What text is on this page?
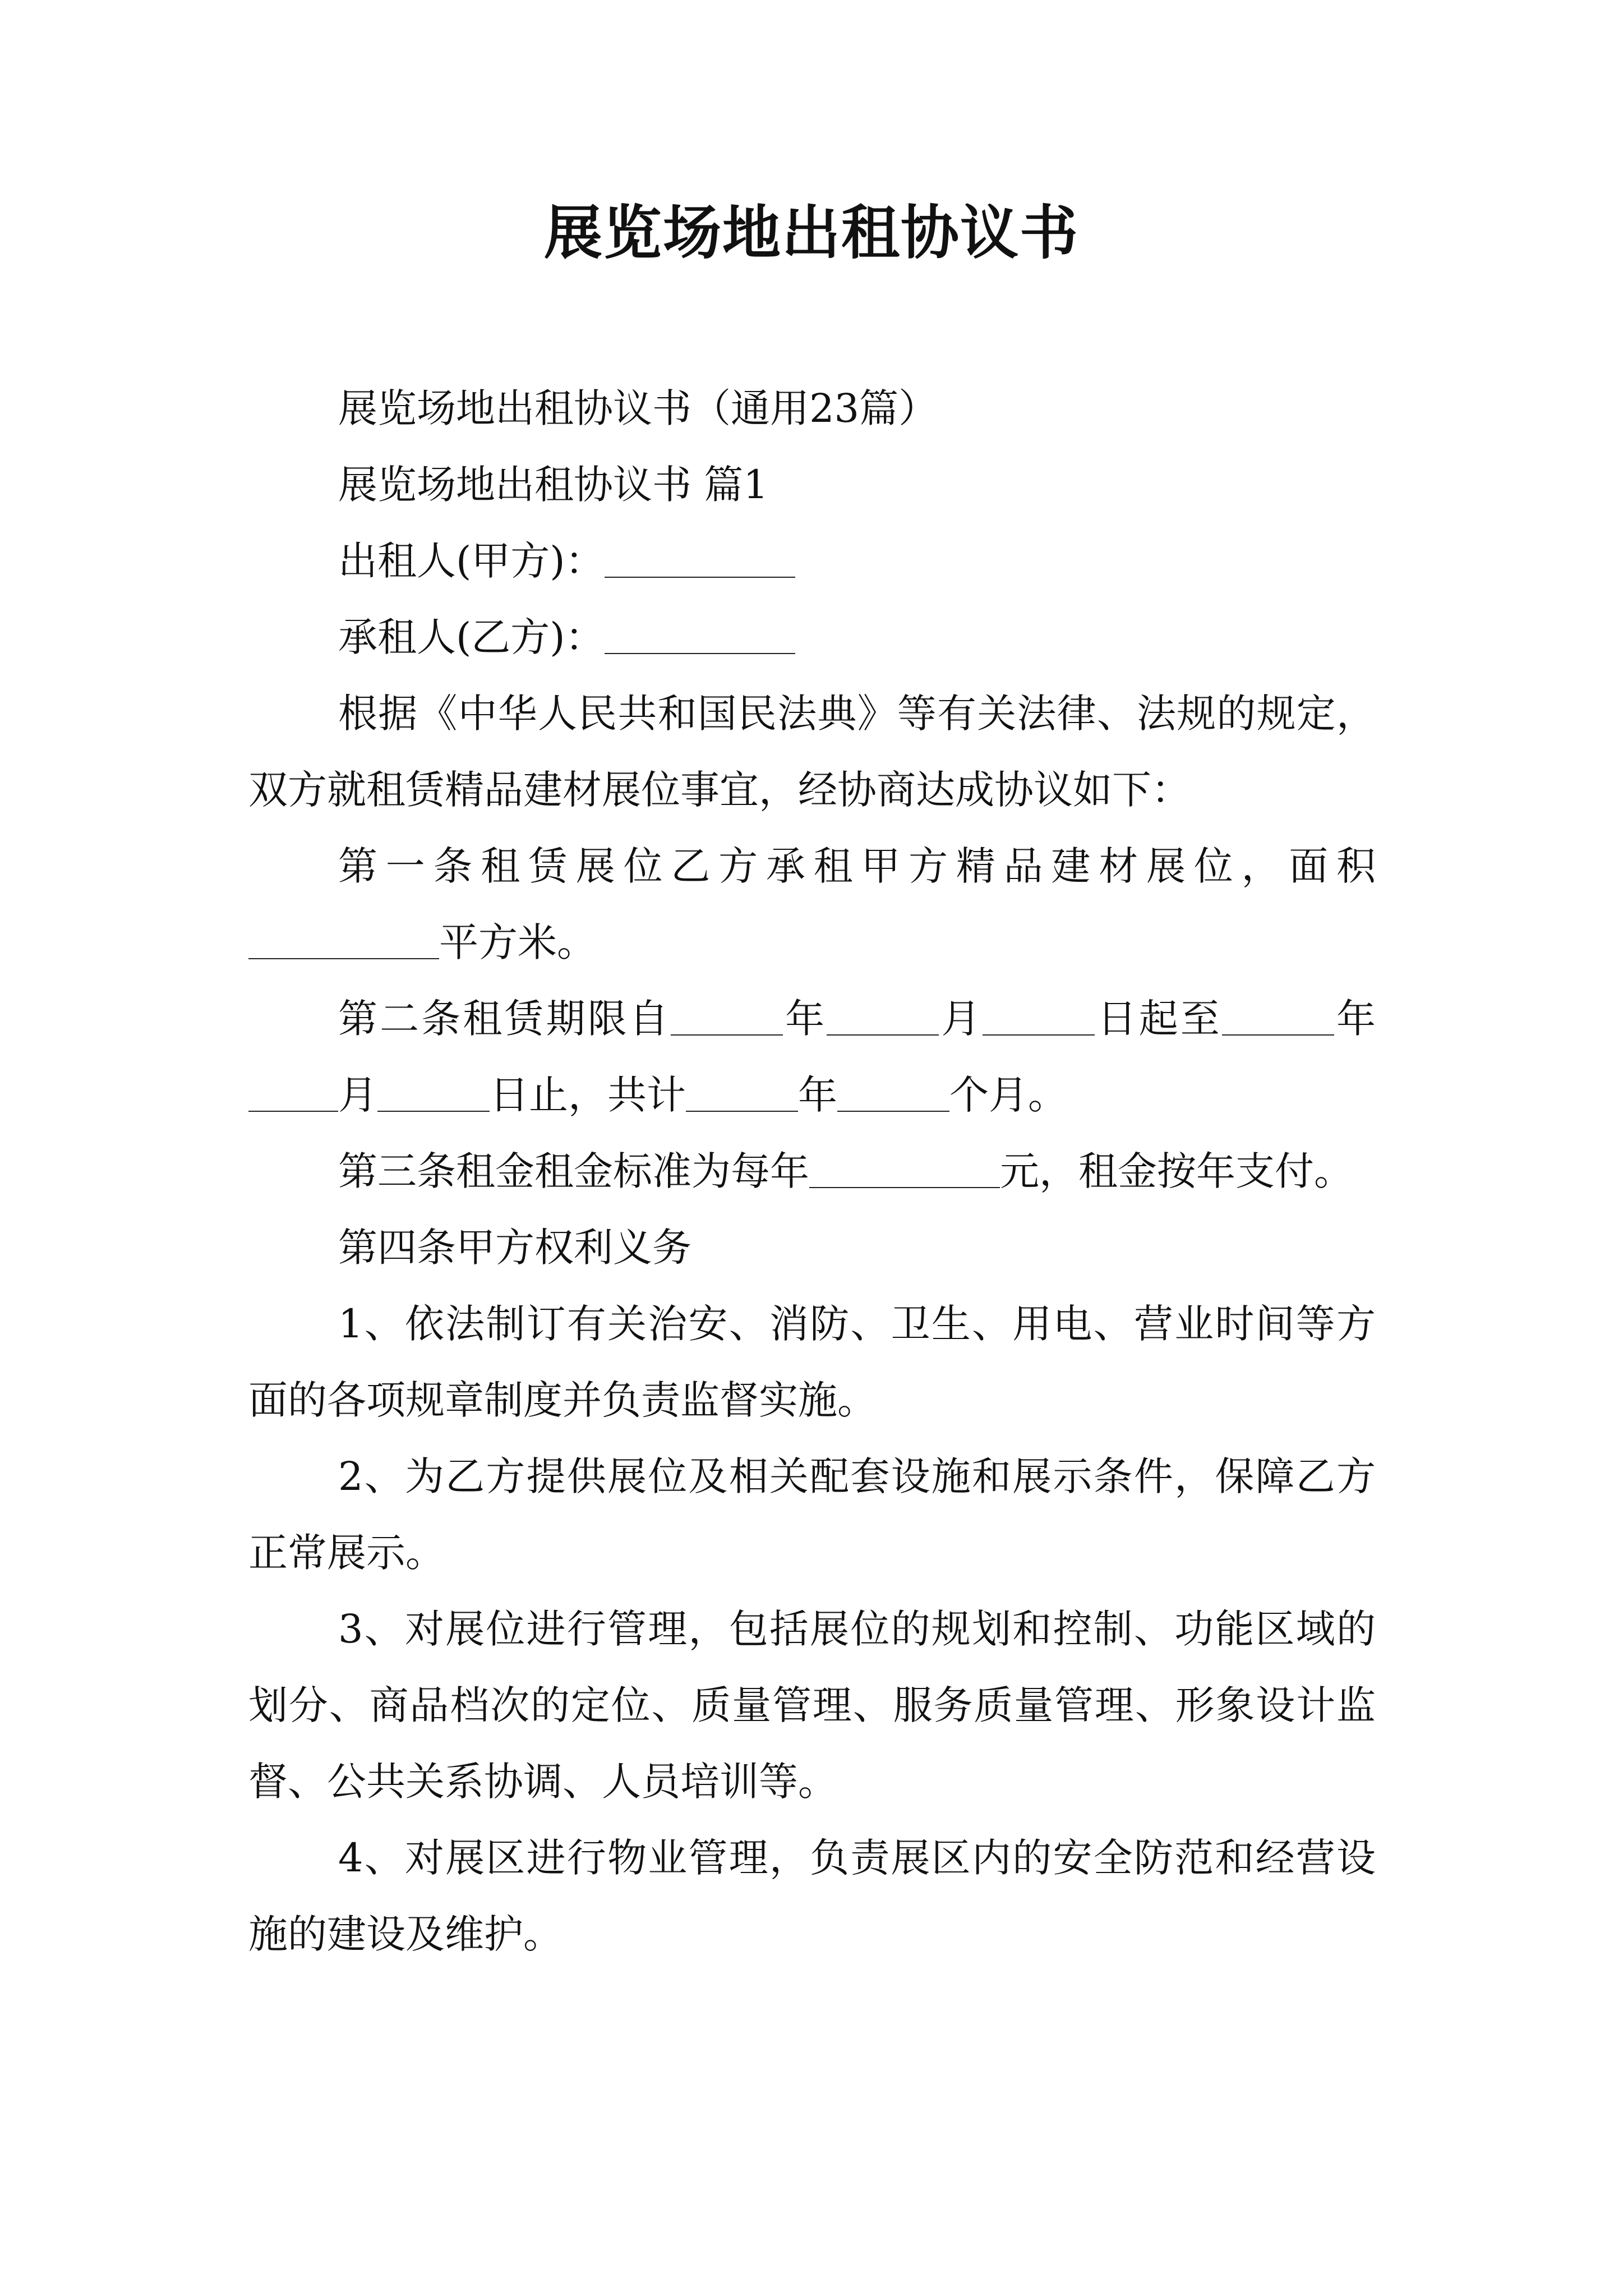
展览场地出租协议书

展览场地出租协议书（通用23篇）

展览场地出租协议书 篇1

出租人(甲方)：

承租人(乙方)：

根据《中华人民共和国民法典》等有关法律、法规的规定，双方就租赁精品建材展位事宜，经协商达成协议如下：

第一条租赁展位乙方承租甲方精品建材展位，面积平方米。

第二条租赁期限自	年	月	日起至	年月	日止，共计	年	个月。

第三条租金租金标准为每年	元，租金按年支付。

第四条甲方权利义务

1、依法制订有关治安、消防、卫生、用电、营业时间等方面的各项规章制度并负责监督实施。

2、为乙方提供展位及相关配套设施和展示条件，保障乙方正常展示。

3、对展位进行管理，包括展位的规划和控制、功能区域的划分、商品档次的定位、质量管理、服务质量管理、形象设计监督、公共关系协调、人员培训等。

4、对展区进行物业管理，负责展区内的安全防范和经营设施的建设及维护。
